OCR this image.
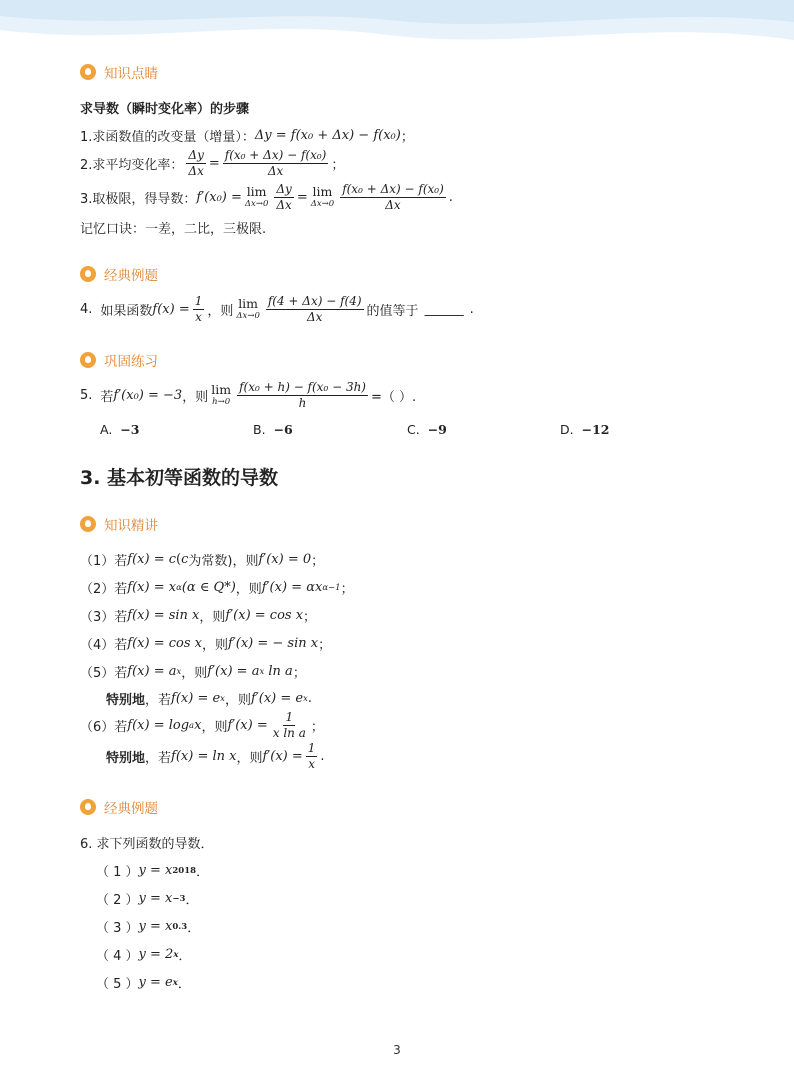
知识点睛
求导数（瞬时变化率）的步骤
1.求函数值的改变量（增量）： Δy = f(x₀ + Δx) − f(x₀) ；
2.求平均变化率： $\frac{\Delta y}{\Delta x} = \frac{\text{f(x₀ + Δx) − f(x₀)}}{\Delta x}$ ；
3.取极限，得导数： f′(x₀) = lim
$\Delta x\to 0 \frac{\Delta y}{\Delta x} = \lim$
$\Delta x\to 0 \frac{\text{f(x₀ + Δx) − f(x₀)}}{\Delta x}$ .
记忆口诀：一差，二比，三极限.
经典例题
4. 如果函数 $f(x) = \frac{1}{x}$ ，则
lim
$\Delta x\to 0 \frac{f(4 + \Delta x) - f(4)}{\Delta x}$ 的值等于 ______ .
巩固练习
5. 若 f′(x₀) = −3 ，则
lim
$h\to 0 \frac{\text{f(x₀ + h) − f(x₀ − 3h)}}{h}$ =（ ）.
A. −3	B. −6	C. −9	D. −12
3. 基本初等函数的导数
知识精讲
（1）若 f(x) = c ( c 为常数) ，则 f′(x) = 0 ；
（2）若 f(x) = x α (α ∈ Q*) ，则 f′(x) = αx α−1 ；
（3）若 f(x) = sin x ，则 f′(x) = cos x ；
（4）若 f(x) = cos x ，则 f′(x) = − sin x ；
（5）若 f(x) = a x ，则 f′(x) = a x
ln a ；
特别地 ，若 f(x) = e x ，则 f′(x) = e x .
（6）若 f(x) = log a x ，则 $f'(x) = \frac{1}{\text{x ln a}}$ ；
特别地 ，若 f(x) = ln x ，则 $f'(x) = \frac{1}{x}$ .
经典例题
6. 求下列函数的导数．
（ 1 ） y = x 2018 ．
（ 2 ） y = x −3 ．
（ 3 ） y = x 0.3 ．
（ 4 ） y = 2 x ．
（ 5 ） y = e x ．
3
